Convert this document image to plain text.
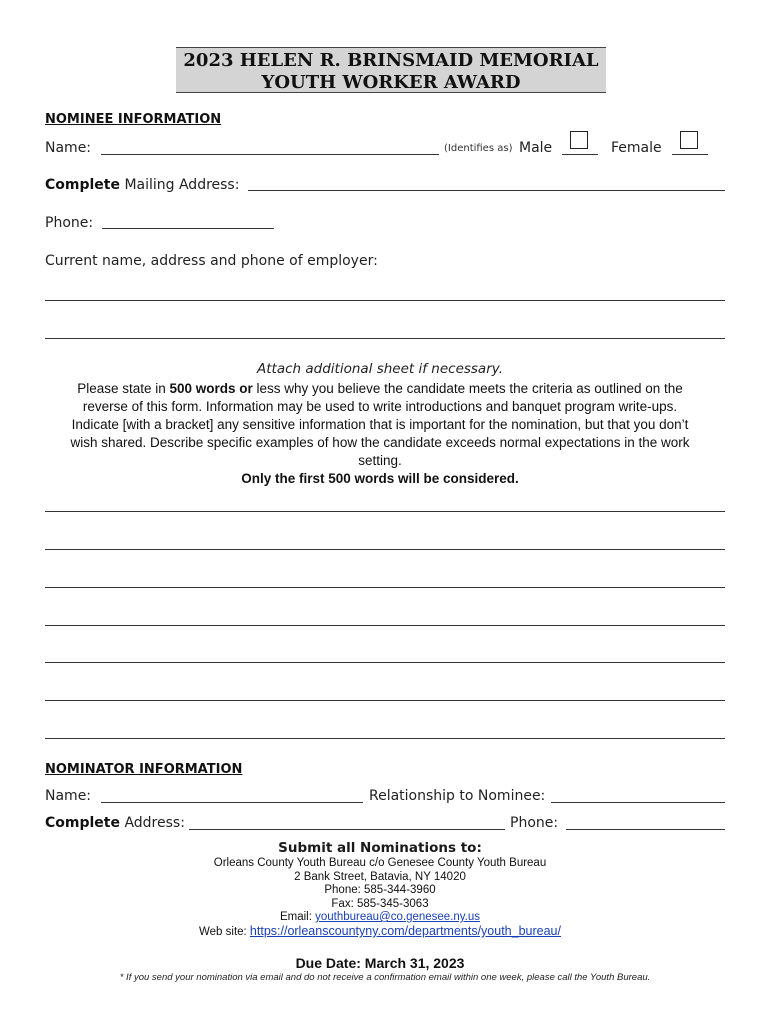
2023 HELEN R. BRINSMAID MEMORIAL
YOUTH WORKER AWARD
NOMINEE INFORMATION
Name:	(Identifies as) Male	Female
Complete Mailing Address:
Phone:
Current name, address and phone of employer:
Attach additional sheet if necessary.
Please state in 500 words or less why you believe the candidate meets the criteria as outlined on the reverse of this form. Information may be used to write introductions and banquet program write-ups. Indicate [with a bracket] any sensitive information that is important for the nomination, but that you don’t wish shared. Describe specific examples of how the candidate exceeds normal expectations in the work setting.
Only the first 500 words will be considered.
NOMINATOR INFORMATION
Name:	Relationship to Nominee:
Complete Address:	Phone:
Submit all Nominations to:
Orleans County Youth Bureau c/o Genesee County Youth Bureau
2 Bank Street, Batavia, NY 14020
Phone: 585-344-3960
Fax: 585-345-3063
Email: youthbureau@co.genesee.ny.us
Web site: https://orleanscountyny.com/departments/youth_bureau/
Due Date: March 31, 2023
* If you send your nomination via email and do not receive a confirmation email within one week, please call the Youth Bureau.
